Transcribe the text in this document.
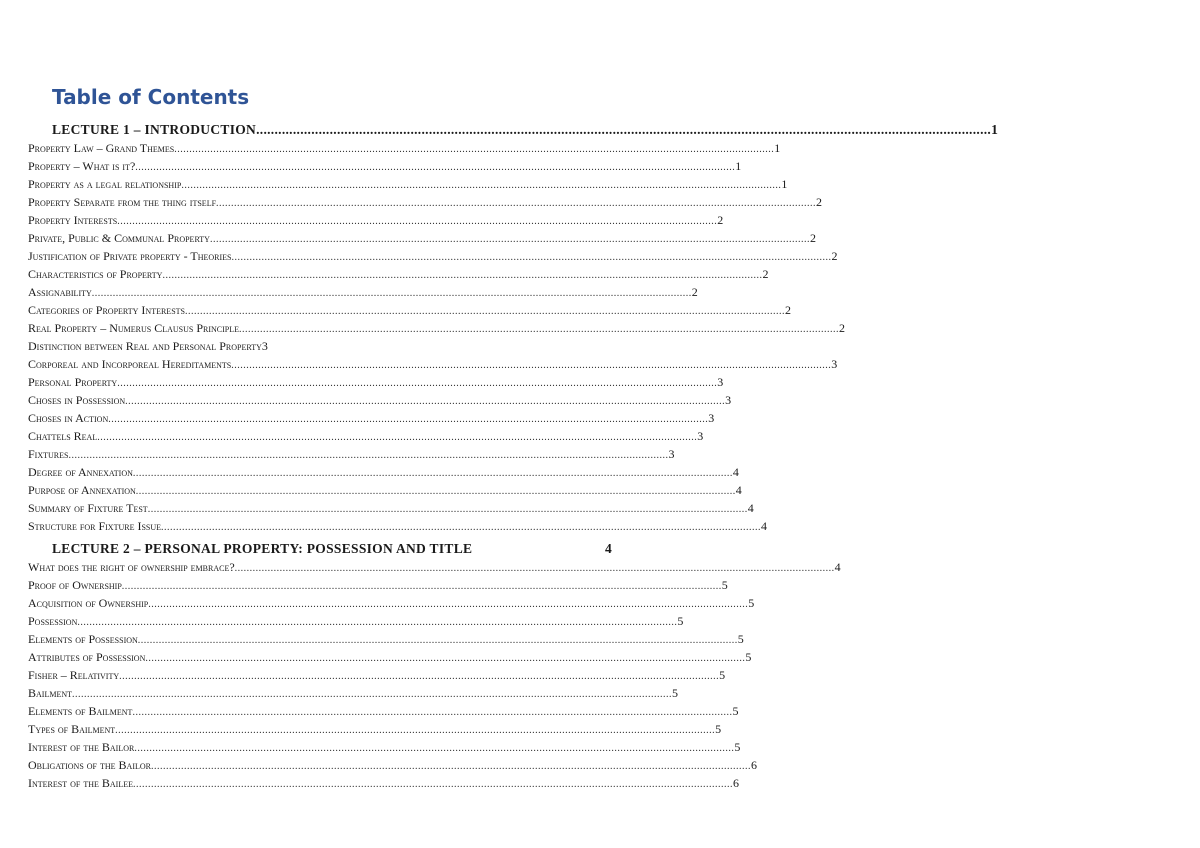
Table of Contents
LECTURE 1 – INTRODUCTION ........................................................................................................................................................................................................ 1
Property Law – Grand Themes ........................................................................................................................................................................................................ 1
Property – What is it? ........................................................................................................................................................................................................ 1
Property as a legal relationship ........................................................................................................................................................................................................ 1
Property Separate from the thing itself ........................................................................................................................................................................................................ 2
Property Interests ........................................................................................................................................................................................................ 2
Private, Public & Communal Property ........................................................................................................................................................................................................ 2
Justification of Private property - Theories ........................................................................................................................................................................................................ 2
Characteristics of Property ........................................................................................................................................................................................................ 2
Assignability ........................................................................................................................................................................................................ 2
Categories of Property Interests ........................................................................................................................................................................................................ 2
Real Property – Numerus Clausus Principle ........................................................................................................................................................................................................ 2
Distinction between Real and Personal Property 3
Corporeal and Incorporeal Hereditaments ........................................................................................................................................................................................................ 3
Personal Property ........................................................................................................................................................................................................ 3
Choses in Possession ........................................................................................................................................................................................................ 3
Choses in Action ........................................................................................................................................................................................................ 3
Chattels Real ........................................................................................................................................................................................................ 3
Fixtures ........................................................................................................................................................................................................ 3
Degree of Annexation ........................................................................................................................................................................................................ 4
Purpose of Annexation ........................................................................................................................................................................................................ 4
Summary of Fixture Test ........................................................................................................................................................................................................ 4
Structure for Fixture Issue ........................................................................................................................................................................................................ 4
LECTURE 2 – PERSONAL PROPERTY: POSSESSION AND TITLE	4
What does the right of ownership embrace? ........................................................................................................................................................................................................ 4
Proof of Ownership ........................................................................................................................................................................................................ 5
Acquisition of Ownership ........................................................................................................................................................................................................ 5
Possession ........................................................................................................................................................................................................ 5
Elements of Possession ........................................................................................................................................................................................................ 5
Attributes of Possession ........................................................................................................................................................................................................ 5
Fisher – Relativity ........................................................................................................................................................................................................ 5
Bailment ........................................................................................................................................................................................................ 5
Elements of Bailment ........................................................................................................................................................................................................ 5
Types of Bailment ........................................................................................................................................................................................................ 5
Interest of the Bailor ........................................................................................................................................................................................................ 5
Obligations of the Bailor ........................................................................................................................................................................................................ 6
Interest of the Bailee ........................................................................................................................................................................................................ 6
